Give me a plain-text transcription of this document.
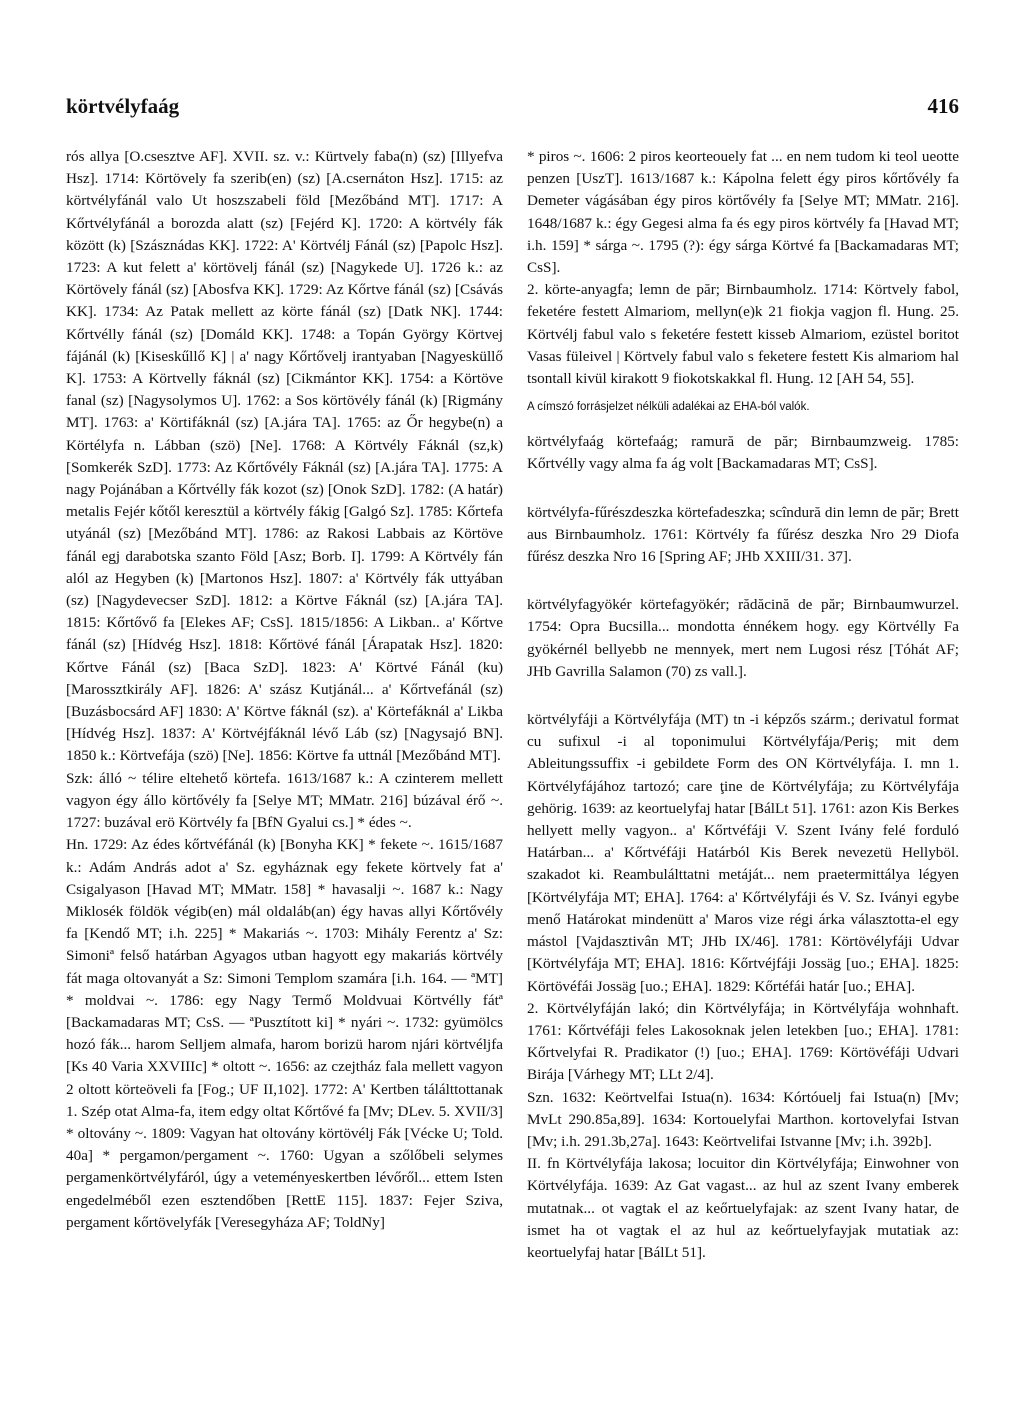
körtvélyfaág	416

rós allya [O.csesztve AF]. XVII. sz. v.: Kürtvely faba(n) (sz) [Illyefva Hsz]. 1714: Körtövely fa szerib(en) (sz) [A.csernáton Hsz]. 1715: az körtvélyfánál valo Ut hoszszabeli föld [Mezőbánd MT]. 1717: A Kőrtvélyfánál a borozda alatt (sz) [Fejérd K]. 1720: A körtvély fák között (k) [Szásznádas KK]. 1722: A' Körtvélj Fánál (sz) [Papolc Hsz]. 1723: A kut felett a' körtövelj fánál (sz) [Nagykede U]. 1726 k.: az Körtövely fánál (sz) [Abosfva KK]. 1729: Az Kőrtve fánál (sz) [Csávás KK]. 1734: Az Patak mellett az körte fánál (sz) [Datk NK]. 1744: Kőrtvélly fánál (sz) [Domáld KK]. 1748: a Topán György Körtvej fájánál (k) [Kiseskűllő K] | a' nagy Kőrtővelj irantyaban [Nagyesküllő K]. 1753: A Körtvelly fáknál (sz) [Cikmántor KK]. 1754: a Körtöve fanal (sz) [Nagysolymos U]. 1762: a Sos körtövély fánál (k) [Rigmány MT]. 1763: a' Körtifáknál (sz) [A.jára TA]. 1765: az Őr hegybe(n) a Körtélyfa n. Lábban (szö) [Ne]. 1768: A Körtvély Fáknál (sz,k) [Somkerék SzD]. 1773: Az Kőrtővély Fáknál (sz) [A.jára TA]. 1775: A nagy Pojánában a Kőrtvélly fák kozot (sz) [Onok SzD]. 1782: (A határ) metalis Fejér kőtől keresztül a körtvély fákig [Galgó Sz]. 1785: Kőrtefa utyánál (sz) [Mezőbánd MT]. 1786: az Rakosi Labbais az Körtöve fánál egj darabotska szanto Föld [Asz; Borb. I]. 1799: A Körtvély fán alól az Hegyben (k) [Martonos Hsz]. 1807: a' Körtvély fák uttyában (sz) [Nagydevecser SzD]. 1812: a Körtve Fáknál (sz) [A.jára TA]. 1815: Kőrtővő fa [Elekes AF; CsS]. 1815/1856: A Likban.. a' Kőrtve fánál (sz) [Hídvég Hsz]. 1818: Kőrtövé fánál [Árapatak Hsz]. 1820: Kőrtve Fánál (sz) [Baca SzD]. 1823: A' Körtvé Fánál (ku) [Marossztkirály AF]. 1826: A' szász Kutjánál... a' Kőrtvefánál (sz) [Buzásbocsárd AF] 1830: A' Körtve fáknál (sz). a' Körtefáknál a' Likba [Hídvég Hsz]. 1837: A' Körtvéjfáknál lévő Láb (sz) [Nagysajó BN]. 1850 k.: Körtvefája (szö) [Ne]. 1856: Körtve fa uttnál [Mezőbánd MT].

Szk: álló ~ télire eltehető körtefa. 1613/1687 k.: A czinterem mellett vagyon égy állo körtővély fa [Selye MT; MMatr. 216] búzával érő ~. 1727: buzával erö Körtvély fa [BfN Gyalui cs.] * édes ~.

Hn. 1729: Az édes kőrtvéfánál (k) [Bonyha KK] * fekete ~. 1615/1687 k.: Adám András adot a' Sz. egyháznak egy fekete körtvely fat a' Csigalyason [Havad MT; MMatr. 158] * havasalji ~. 1687 k.: Nagy Miklosék földök végib(en) mál oldaláb(an) égy havas allyi Kőrtővély fa [Kendő MT; i.h. 225] * Makariás ~. 1703: Mihály Ferentz a' Sz: Simoniª felső határban Agyagos utban hagyott egy makariás körtvély fát maga oltovanyát a Sz: Simoni Templom szamára [i.h. 164. — ªMT] * moldvai ~. 1786: egy Nagy Termő Moldvuai Körtvélly fátª [Backamadaras MT; CsS. — ªPusztított ki] * nyári ~. 1732: gyümölcs hozó fák... harom Selljem almafa, harom borizü harom njári körtvéljfa [Ks 40 Varia XXVIIIc] * oltott ~. 1656: az czejtház fala mellett vagyon 2 oltott körteöveli fa [Fog.; UF II,102]. 1772: A' Kertben tálálttottanak 1. Szép otat Alma-fa, item edgy oltat Kőrtővé fa [Mv; DLev. 5. XVII/3] * oltovány ~. 1809: Vagyan hat oltovány körtövélj Fák [Vécke U; Told. 40a] * pergamon/pergament ~. 1760: Ugyan a szőlőbeli selymes pergamenkörtvélyfáról, úgy a veteményeskertben lévőről... ettem Isten engedelméből ezen esztendőben [RettE 115]. 1837: Fejer Sziva, pergament kőrtövelyfák [Veresegyháza AF; ToldNy]

* piros ~. 1606: 2 piros keorteouely fat ... en nem tudom ki teol ueotte penzen [UszT]. 1613/1687 k.: Kápolna felett égy piros kőrtővély fa Demeter vágásában égy piros körtővély fa [Selye MT; MMatr. 216]. 1648/1687 k.: égy Gegesi alma fa és egy piros körtvély fa [Havad MT; i.h. 159] * sárga ~. 1795 (?): égy sárga Körtvé fa [Backamadaras MT; CsS].

2. körte-anyagfa; lemn de păr; Birnbaumholz. 1714: Körtvely fabol, feketére festett Almariom, mellyn(e)k 21 fiokja vagjon fl. Hung. 25. Körtvélj fabul valo s feketére festett kisseb Almariom, ezüstel boritot Vasas füleivel | Körtvely fabul valo s feketere festett Kis almariom hal tsontall kivül kirakott 9 fiokotskakkal fl. Hung. 12 [AH 54, 55].

A címszó forrásjelzet nélküli adalékai az EHA-ból valók.

körtvélyfaág körtefaág; ramură de păr; Birnbaumzweig. 1785: Kőrtvélly vagy alma fa ág volt [Backamadaras MT; CsS].

körtvélyfa-fűrészdeszka körtefadeszka; scîndură din lemn de păr; Brett aus Birnbaumholz. 1761: Körtvély fa fűrész deszka Nro 29 Diofa fűrész deszka Nro 16 [Spring AF; JHb XXIII/31. 37].

körtvélyfagyökér körtefagyökér; rădăcină de păr; Birnbaumwurzel. 1754: Opra Bucsilla... mondotta énnékem hogy. egy Körtvélly Fa gyökérnél bellyebb ne mennyek, mert nem Lugosi rész [Tóhát AF; JHb Gavrilla Salamon (70) zs vall.].

körtvélyfáji a Körtvélyfája (MT) tn -i képzős szárm.; derivatul format cu sufixul -i al toponimului Körtvélyfája/Periş; mit dem Ableitungssuffix -i gebildete Form des ON Körtvélyfája. I. mn 1. Körtvélyfájához tartozó; care ţine de Körtvélyfája; zu Körtvélyfája gehörig. 1639: az keortuelyfaj hatar [BálLt 51]. 1761: azon Kis Berkes hellyett melly vagyon.. a' Kőrtvéfáji V. Szent Ivány felé forduló Határban... a' Kőrtvéfáji Határból Kis Berek nevezetü Hellyböl. szakadot ki. Reambulálttatni metáját... nem praetermittálya légyen [Körtvélyfája MT; EHA]. 1764: a' Kőrtvélyfáji és V. Sz. Iványi egybe menő Határokat mindenütt a' Maros vize régi árka választotta-el egy mástol [Vajdasztivân MT; JHb IX/46]. 1781: Körtövélyfáji Udvar [Körtvélyfája MT; EHA]. 1816: Kőrtvéjfáji Jossäg [uo.; EHA]. 1825: Körtövéfái Jossäg [uo.; EHA]. 1829: Kőrtéfái határ [uo.; EHA].

2. Körtvélyfáján lakó; din Körtvélyfája; in Körtvélyfája wohnhaft. 1761: Kőrtvéfáji feles Lakosoknak jelen letekben [uo.; EHA]. 1781: Kőrtvelyfai R. Pradikator (!) [uo.; EHA]. 1769: Körtövéfáji Udvari Birája [Várhegy MT; LLt 2/4].

Szn. 1632: Keörtvelfai Istua(n). 1634: Kórtóuelj fai Istua(n) [Mv; MvLt 290.85a,89]. 1634: Kortouelyfai Marthon. kortovelyfai Istvan [Mv; i.h. 291.3b,27a]. 1643: Keörtvelifai Istvanne [Mv; i.h. 392b].

II. fn Körtvélyfája lakosa; locuitor din Körtvélyfája; Einwohner von Körtvélyfája. 1639: Az Gat vagast... az hul az szent Ivany emberek mutatnak... ot vagtak el az keőrtuelyfajak: az szent Ivany hatar, de ismet ha ot vagtak el az hul az keőrtuelyfayjak mutatiak az: keortuelyfaj hatar [BálLt 51].
